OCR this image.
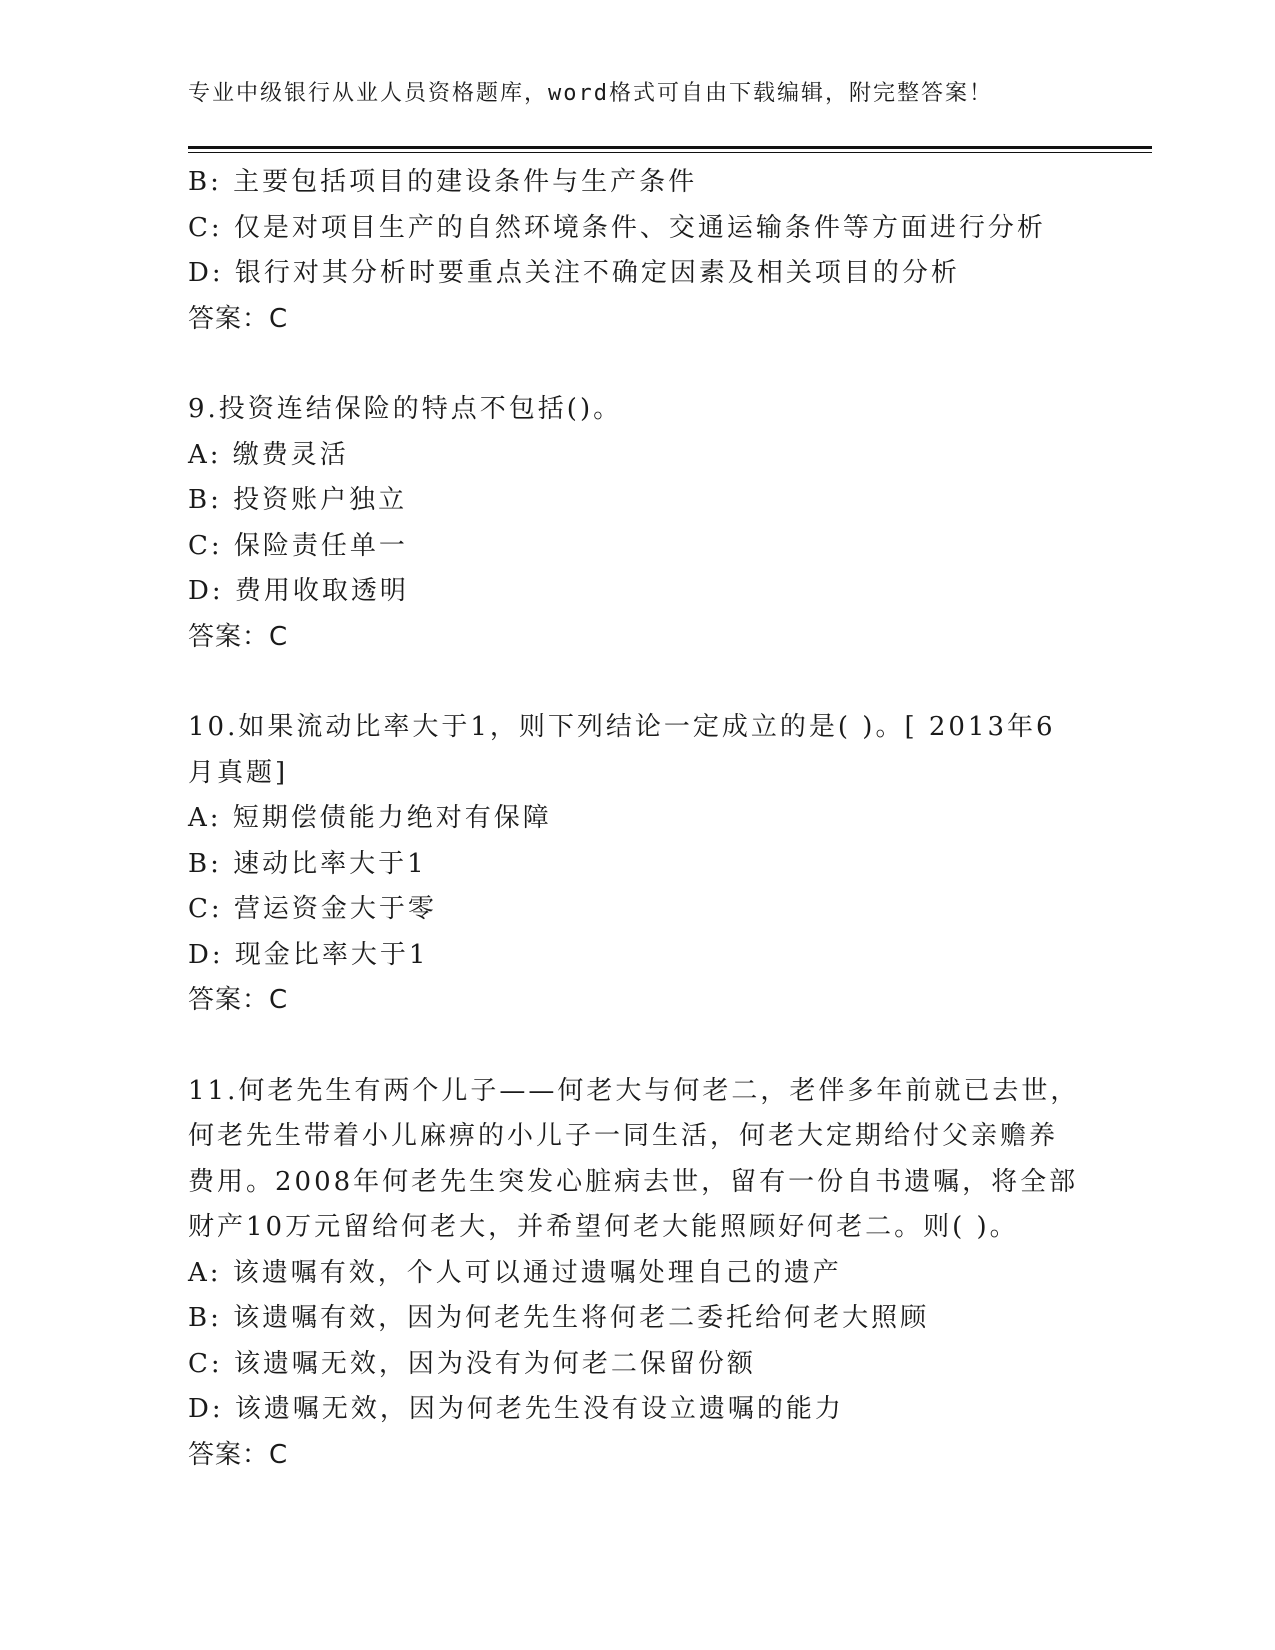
专业中级银行从业人员资格题库，word格式可自由下载编辑，附完整答案！
B: 主要包括项目的建设条件与生产条件
C: 仅是对项目生产的自然环境条件、交通运输条件等方面进行分析
D: 银行对其分析时要重点关注不确定因素及相关项目的分析
答案：C
9.投资连结保险的特点不包括()。
A: 缴费灵活
B: 投资账户独立
C: 保险责任单一
D: 费用收取透明
答案：C
10.如果流动比率大于1，则下列结论一定成立的是( )。[ 2013年6
月真题]
A: 短期偿债能力绝对有保障
B: 速动比率大于1
C: 营运资金大于零
D: 现金比率大于1
答案：C
11.何老先生有两个儿子——何老大与何老二，老伴多年前就已去世，
何老先生带着小儿麻痹的小儿子一同生活，何老大定期给付父亲赡养
费用。2008年何老先生突发心脏病去世，留有一份自书遗嘱，将全部
财产10万元留给何老大，并希望何老大能照顾好何老二。则( )。
A: 该遗嘱有效，个人可以通过遗嘱处理自己的遗产
B: 该遗嘱有效，因为何老先生将何老二委托给何老大照顾
C: 该遗嘱无效，因为没有为何老二保留份额
D: 该遗嘱无效，因为何老先生没有设立遗嘱的能力
答案：C
